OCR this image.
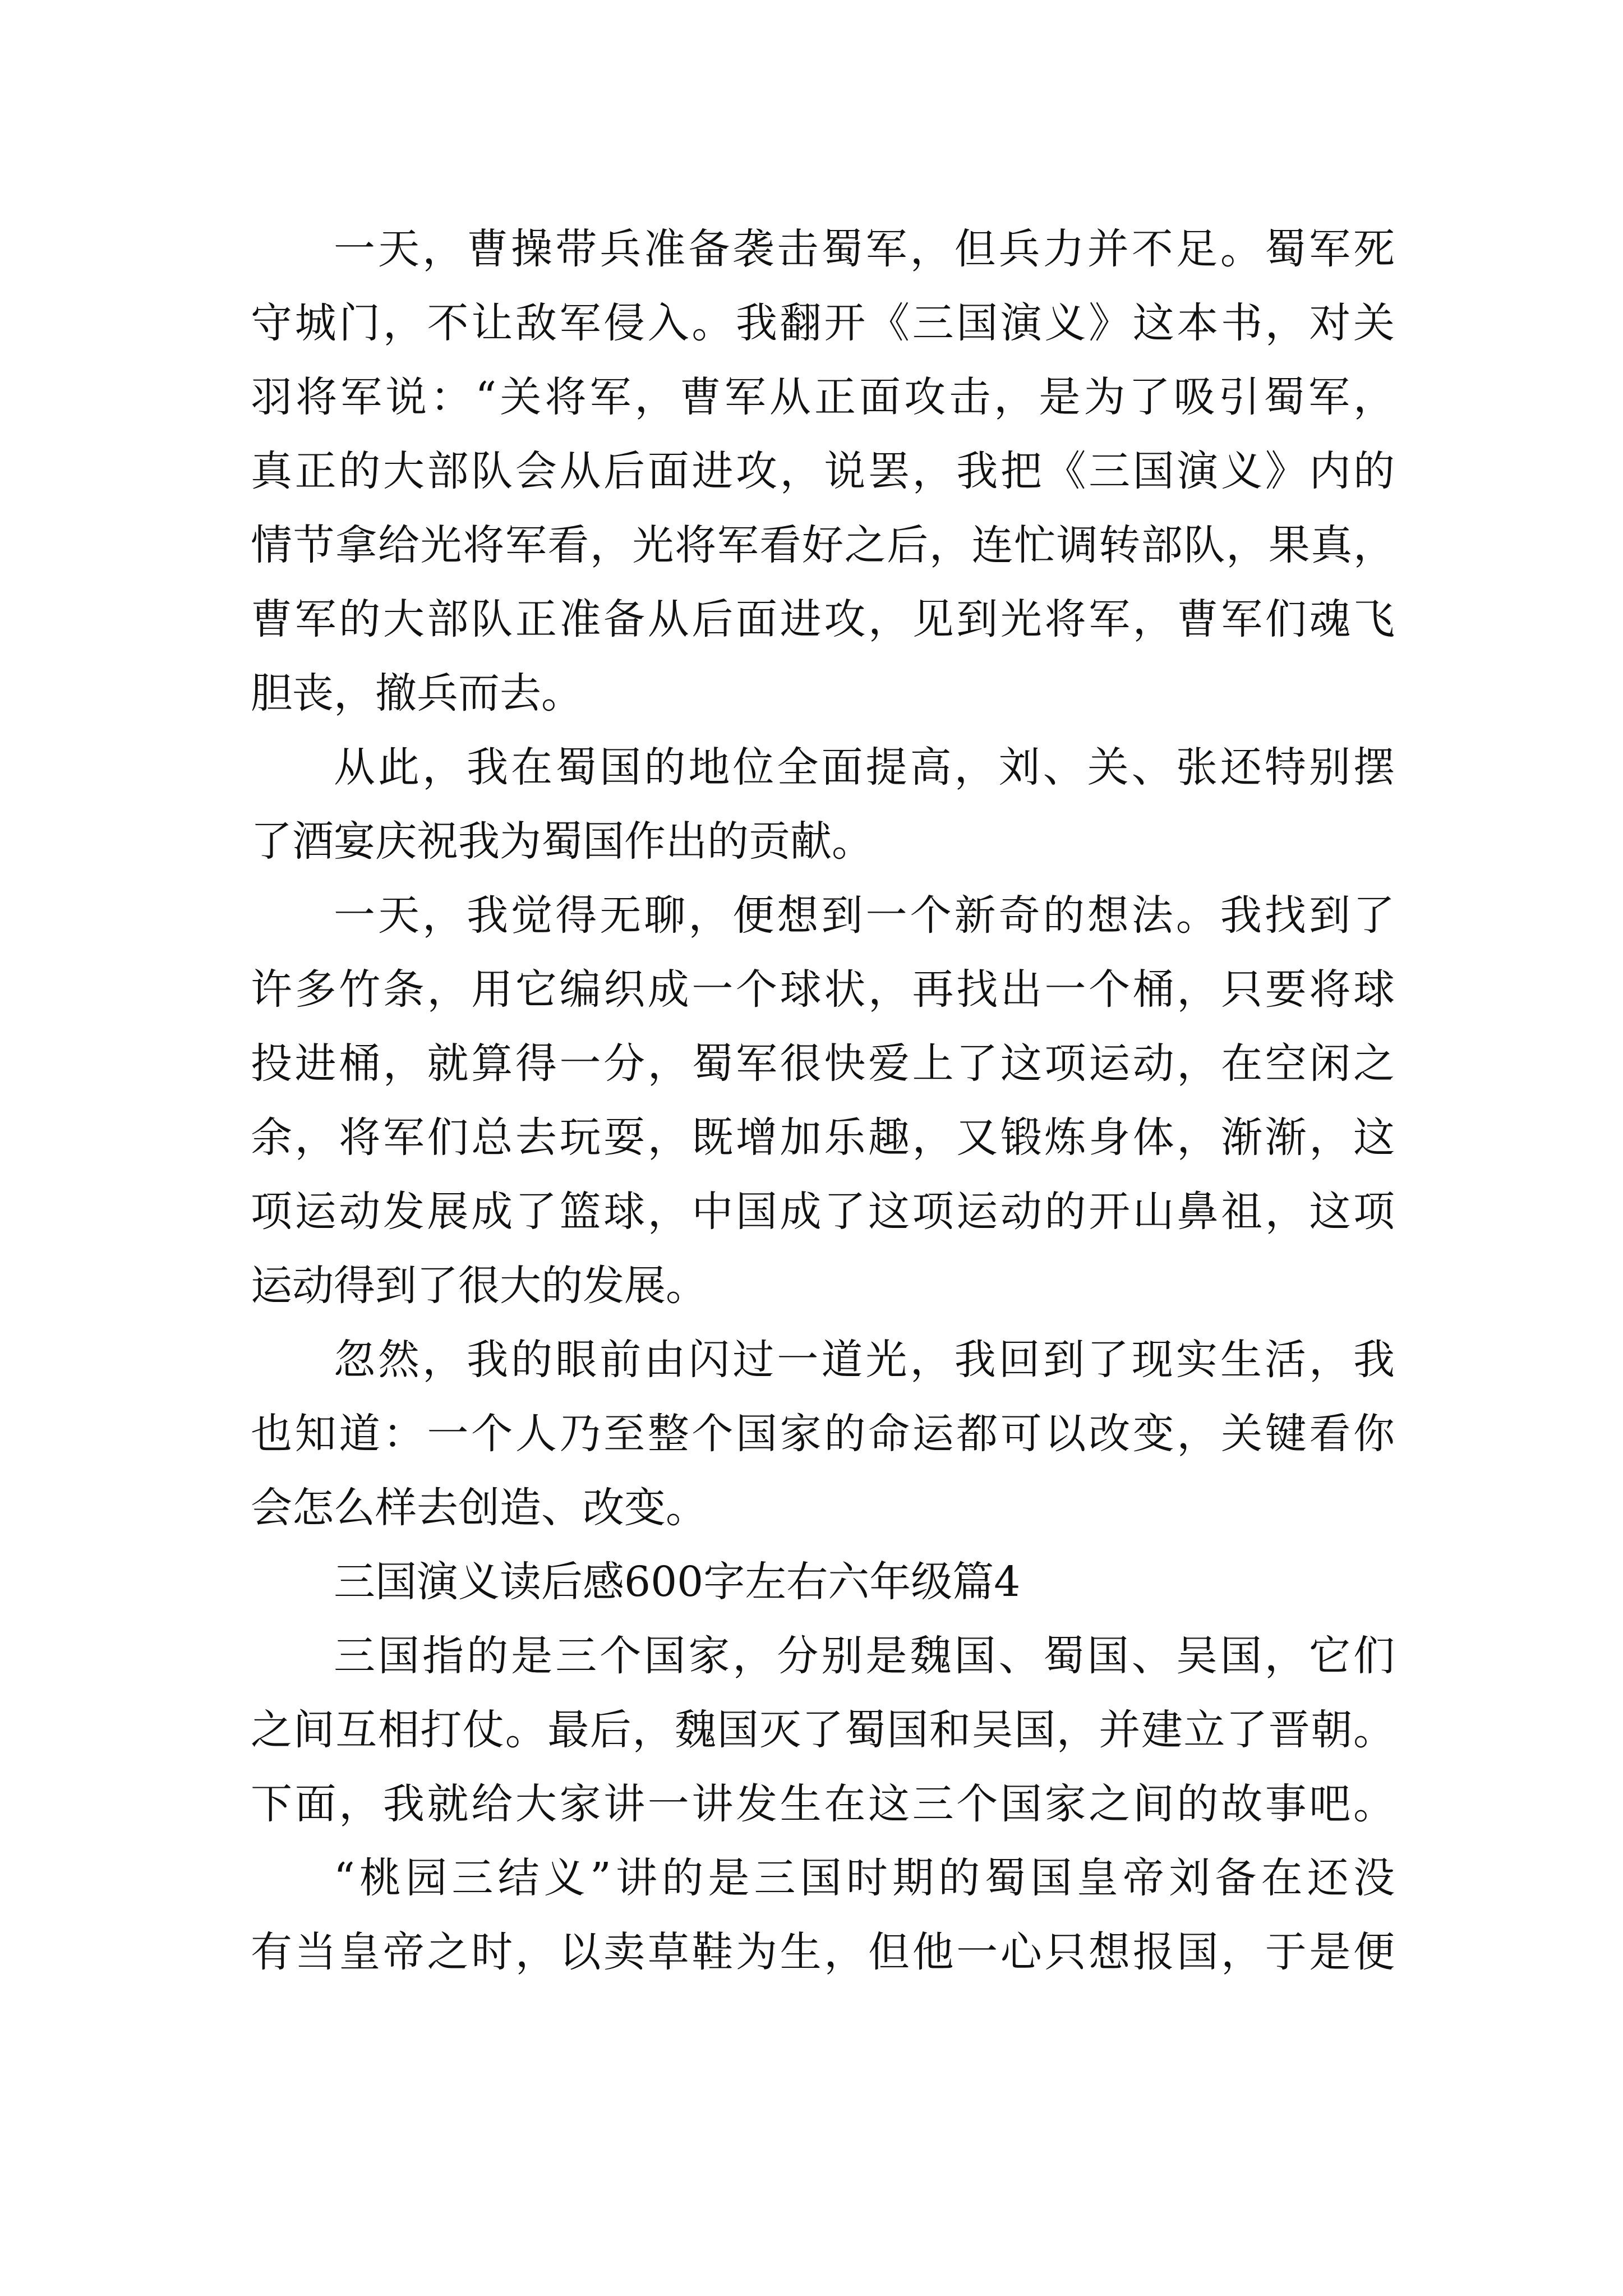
一天，曹操带兵准备袭击蜀军，但兵力并不足。蜀军死
守城门，不让敌军侵入。我翻开《三国演义》这本书，对关
羽将军说：“关将军，曹军从正面攻击，是为了吸引蜀军，
真正的大部队会从后面进攻，说罢，我把《三国演义》内的
情节拿给光将军看，光将军看好之后，连忙调转部队，果真，
曹军的大部队正准备从后面进攻，见到光将军，曹军们魂飞
胆丧，撤兵而去。
从此，我在蜀国的地位全面提高，刘、关、张还特别摆
了酒宴庆祝我为蜀国作出的贡献。
一天，我觉得无聊，便想到一个新奇的想法。我找到了
许多竹条，用它编织成一个球状，再找出一个桶，只要将球
投进桶，就算得一分，蜀军很快爱上了这项运动，在空闲之
余，将军们总去玩耍，既增加乐趣，又锻炼身体，渐渐，这
项运动发展成了篮球，中国成了这项运动的开山鼻祖，这项
运动得到了很大的发展。
忽然，我的眼前由闪过一道光，我回到了现实生活，我
也知道：一个人乃至整个国家的命运都可以改变，关键看你
会怎么样去创造、改变。
三国演义读后感600字左右六年级篇4
三国指的是三个国家，分别是魏国、蜀国、吴国，它们
之间互相打仗。最后，魏国灭了蜀国和吴国，并建立了晋朝。
下面，我就给大家讲一讲发生在这三个国家之间的故事吧。
“桃园三结义”讲的是三国时期的蜀国皇帝刘备在还没
有当皇帝之时，以卖草鞋为生，但他一心只想报国，于是便
